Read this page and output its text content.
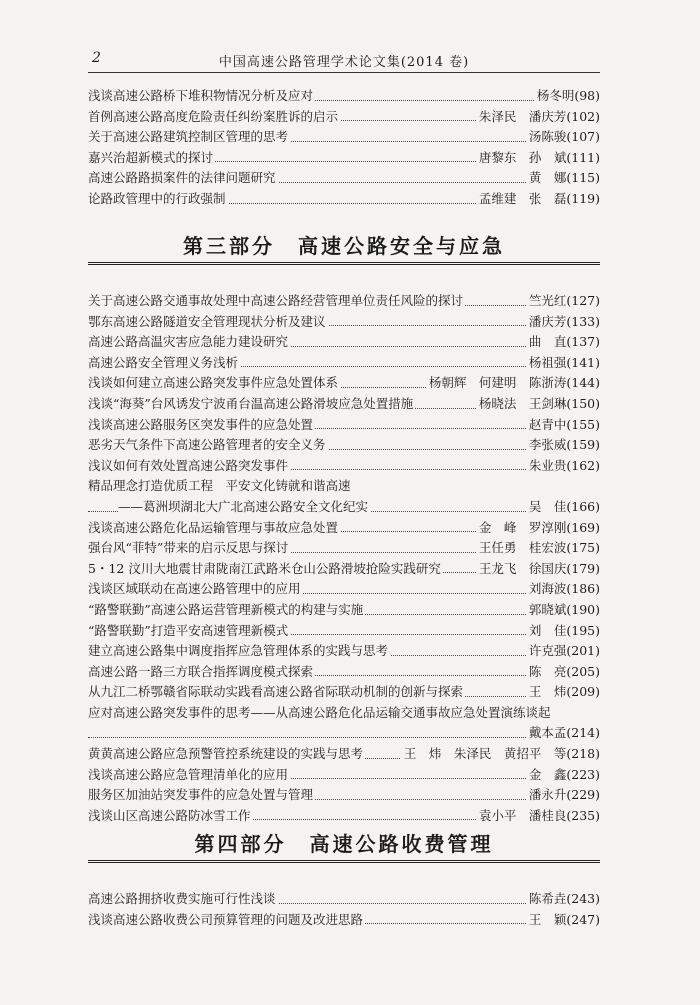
2	中国高速公路管理学术论文集(2014 卷)
浅谈高速公路桥下堆积物情况分析及应对	杨冬明(98)
首例高速公路高度危险责任纠纷案胜诉的启示	朱泽民　潘庆芳(102)
关于高速公路建筑控制区管理的思考	汤陈骏(107)
嘉兴治超新模式的探讨	唐黎东　孙　斌(111)
高速公路路损案件的法律问题研究	黄　娜(115)
论路政管理中的行政强制	孟维建　张　磊(119)
第三部分　高速公路安全与应急
关于高速公路交通事故处理中高速公路经营管理单位责任风险的探讨	竺光红(127)
鄂东高速公路隧道安全管理现状分析及建议	潘庆芳(133)
高速公路高温灾害应急能力建设研究	曲　直(137)
高速公路安全管理义务浅析	杨祖强(141)
浅谈如何建立高速公路突发事件应急处置体系	杨朝辉　何建明　陈浙涛(144)
浅谈“海葵”台风诱发宁波甬台温高速公路滑坡应急处置措施	杨晓法　王剑琳(150)
浅谈高速公路服务区突发事件的应急处置	赵青中(155)
恶劣天气条件下高速公路管理者的安全义务	李张威(159)
浅议如何有效处置高速公路突发事件	朱业贵(162)
精品理念打造优质工程　平安文化铸就和谐高速
——葛洲坝湖北大广北高速公路安全文化纪实	吴　佳(166)
浅谈高速公路危化品运输管理与事故应急处置	金　峰　罗淳刚(169)
强台风“菲特”带来的启示反思与探讨	王任勇　桂宏波(175)
5・12 汶川大地震甘肃陇南江武路米仓山公路滑坡抢险实践研究	王龙飞　徐国庆(179)
浅谈区域联动在高速公路管理中的应用	刘海波(186)
“路警联勤”高速公路运营管理新模式的构建与实施	郭晓斌(190)
“路警联勤”打造平安高速管理新模式	刘　佳(195)
建立高速公路集中调度指挥应急管理体系的实践与思考	许克强(201)
高速公路一路三方联合指挥调度模式探索	陈　亮(205)
从九江二桥鄂赣省际联动实践看高速公路省际联动机制的创新与探索	王　炜(209)
应对高速公路突发事件的思考——从高速公路危化品运输交通事故应急处置演练谈起
戴本孟(214)
黄黄高速公路应急预警管控系统建设的实践与思考	王　炜　朱泽民　黄招平　等(218)
浅谈高速公路应急管理清单化的应用	金　鑫(223)
服务区加油站突发事件的应急处置与管理	潘永升(229)
浅谈山区高速公路防冰雪工作	袁小平　潘桂良(235)
第四部分　高速公路收费管理
高速公路拥挤收费实施可行性浅谈	陈希垚(243)
浅谈高速公路收费公司预算管理的问题及改进思路	王　颖(247)
